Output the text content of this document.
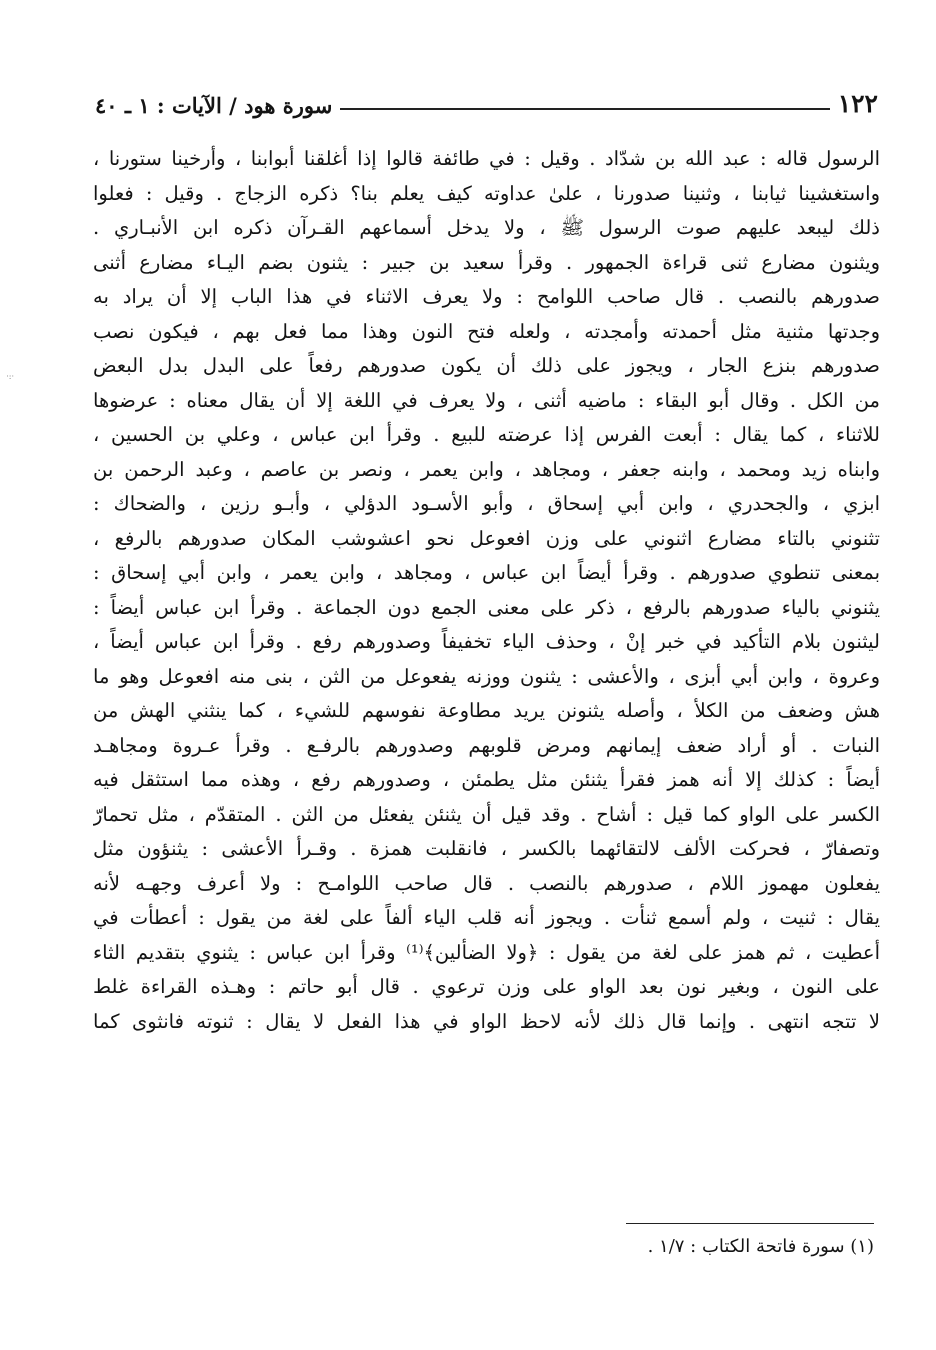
·:·
١٢٢
سورة هود / الآيات : ١ ـ ٤٠
الرسول قاله : عبد الله بن شدّاد . وقيل : في طائفة قالوا إذا أغلقنا أبوابنا ، وأرخينا ستورنا ،
واستغشينا ثيابنا ، وثنينا صدورنا ، علىٰ عداوته كيف يعلم بنا؟ ذكره الزجاج . وقيل : فعلوا
ذلك ليبعد عليهم صوت الرسول ﷺ ، ولا يدخل أسماعهم القـرآن ذكره ابن الأنبـاري .
ويثنون مضارع ثنى قراءة الجمهور . وقرأ سعيد بن جبير : يثنون بضم اليـاء مضارع أثنى
صدورهم بالنصب . قال صاحب اللوامح : ولا يعرف الاثناء في هذا الباب إلا أن يراد به
وجدتها مثنية مثل أحمدته وأمجدته ، ولعله فتح النون وهذا مما فعل بهم ، فيكون نصب
صدورهم بنزع الجار ، ويجوز على ذلك أن يكون صدورهم رفعاً على البدل بدل البعض
من الكل . وقال أبو البقاء : ماضيه أثنى ، ولا يعرف في اللغة إلا أن يقال معناه : عرضوها
للاثناء ، كما يقال : أبعت الفرس إذا عرضته للبيع . وقرأ ابن عباس ، وعلي بن الحسين ،
وابناه زيد ومحمد ، وابنه جعفر ، ومجاهد ، وابن يعمر ، ونصر بن عاصم ، وعبد الرحمن بن
ابزي ، والجحدري ، وابن أبي إسحاق ، وأبو الأسـود الدؤلي ، وأبـو رزين ، والضحاك :
تثنوني بالتاء مضارع اثنوني على وزن افعوعل نحو اعشوشب المكان صدورهم بالرفع ،
بمعنى تنطوي صدورهم . وقرأ أيضاً ابن عباس ، ومجاهد ، وابن يعمر ، وابن أبي إسحاق :
يثنوني بالياء صدورهم بالرفع ، ذكر على معنى الجمع دون الجماعة . وقرأ ابن عباس أيضاً :
ليثنون بلام التأكيد في خبر إنْ ، وحذف الياء تخفيفاً وصدورهم رفع . وقرأ ابن عباس أيضاً ،
وعروة ، وابن أبي أبزى ، والأعشى : يثنون ووزنه يفعوعل من الثن ، بنى منه افعوعل وهو ما
هش وضعف من الكلأ ، وأصله يثنونن يريد مطاوعة نفوسهم للشيء ، كما ينثني الهش من
النبات . أو أراد ضعف إيمانهم ومرض قلوبهم وصدورهم بالرفـع . وقرأ عـروة ومجاهـد
أيضاً : كذلك إلا أنه همز فقرأ يثنئن مثل يطمئن ، وصدورهم رفع ، وهذه مما استثقل فيه
الكسر على الواو كما قيل : أشاح . وقد قيل أن يثنئن يفعئل من الثن . المتقدّم ، مثل تحمارّ
وتصفارّ ، فحركت الألف لالتقائهما بالكسر ، فانقلبت همزة . وقـرأ الأعشى : يثنؤون مثل
يفعلون مهموز اللام ، صدورهم بالنصب . قال صاحب اللوامـح : ولا أعرف وجهـه لأنه
يقال : ثنيت ، ولم أسمع ثنأت . ويجوز أنه قلب الياء ألفاً على لغة من يقول : أعطأت في
أعطيت ، ثم همز على لغة من يقول : ﴿ولا الضألين﴾⁽¹⁾ وقرأ ابن عباس : يثنوي بتقديم الثاء
على النون ، وبغير نون بعد الواو على وزن ترعوي . قال أبو حاتم : وهـذه القراءة غلط
لا تتجه انتهى . وإنما قال ذلك لأنه لاحظ الواو في هذا الفعل لا يقال : ثنوته فانثوى كما
(١) سورة فاتحة الكتاب : ١/٧ .
